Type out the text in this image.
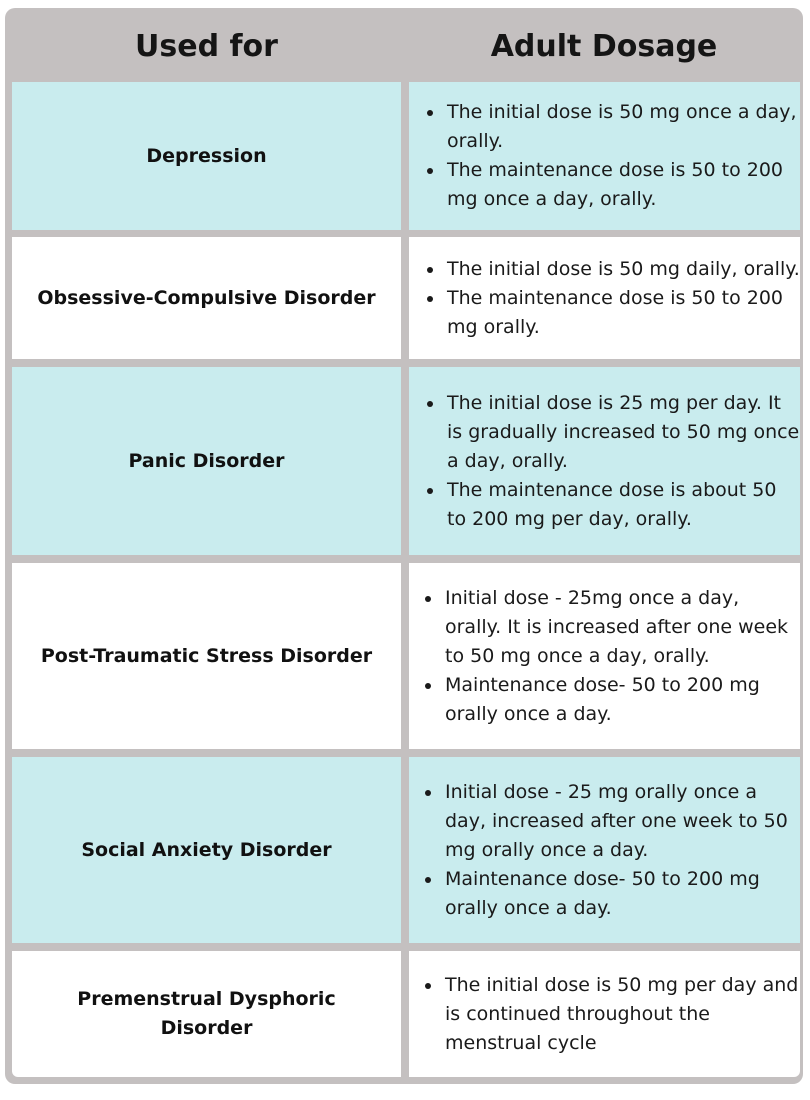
Used for	Adult Dosage
Depression
The initial dose is 50 mg once a day, orally.
The maintenance dose is 50 to 200 mg once a day, orally.
Obsessive-Compulsive Disorder
The initial dose is 50 mg daily, orally.
The maintenance dose is 50 to 200 mg orally.
Panic Disorder
The initial dose is 25 mg per day. It is gradually increased to 50 mg once a day, orally.
The maintenance dose is about 50 to 200 mg per day, orally.
Post-Traumatic Stress Disorder
Initial dose - 25mg once a day, orally. It is increased after one week to 50 mg once a day, orally.
Maintenance dose- 50 to 200 mg orally once a day.
Social Anxiety Disorder
Initial dose - 25 mg orally once a day, increased after one week to 50 mg orally once a day.
Maintenance dose- 50 to 200 mg orally once a day.
Premenstrual Dysphoric Disorder
The initial dose is 50 mg per day and is continued throughout the menstrual cycle
